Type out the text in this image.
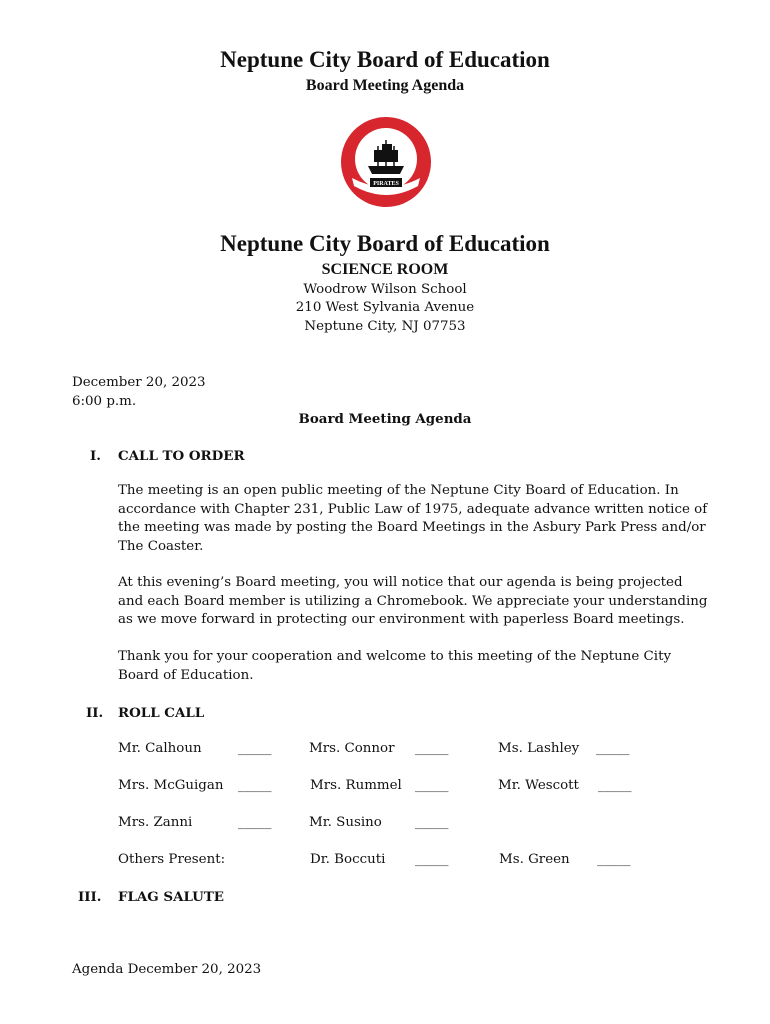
Neptune City Board of Education
Board Meeting Agenda
PIRATES
Neptune City Board of Education
SCIENCE ROOM
Woodrow Wilson School
210 West Sylvania Avenue
Neptune City, NJ 07753
December 20, 2023
6:00 p.m.
Board Meeting Agenda
I. CALL TO ORDER
The meeting is an open public meeting of the Neptune City Board of Education. In accordance with Chapter 231, Public Law of 1975, adequate advance written notice of the meeting was made by posting the Board Meetings in the Asbury Park Press and/or The Coaster.
At this evening’s Board meeting, you will notice that our agenda is being projected and each Board member is utilizing a Chromebook. We appreciate your understanding as we move forward in protecting our environment with paperless Board meetings.
Thank you for your cooperation and welcome to this meeting of the Neptune City Board of Education.
II. ROLL CALL
Mr. Calhoun	_____	Mrs. Connor _____	Ms. Lashley _____
Mrs. McGuigan _____	Mrs. Rummel _____	Mr. Wescott _____
Mrs. Zanni	_____	Mr. Susino _____
Others Present:	Dr. Boccuti _____	Ms. Green _____
III. FLAG SALUTE
Agenda December 20, 2023
